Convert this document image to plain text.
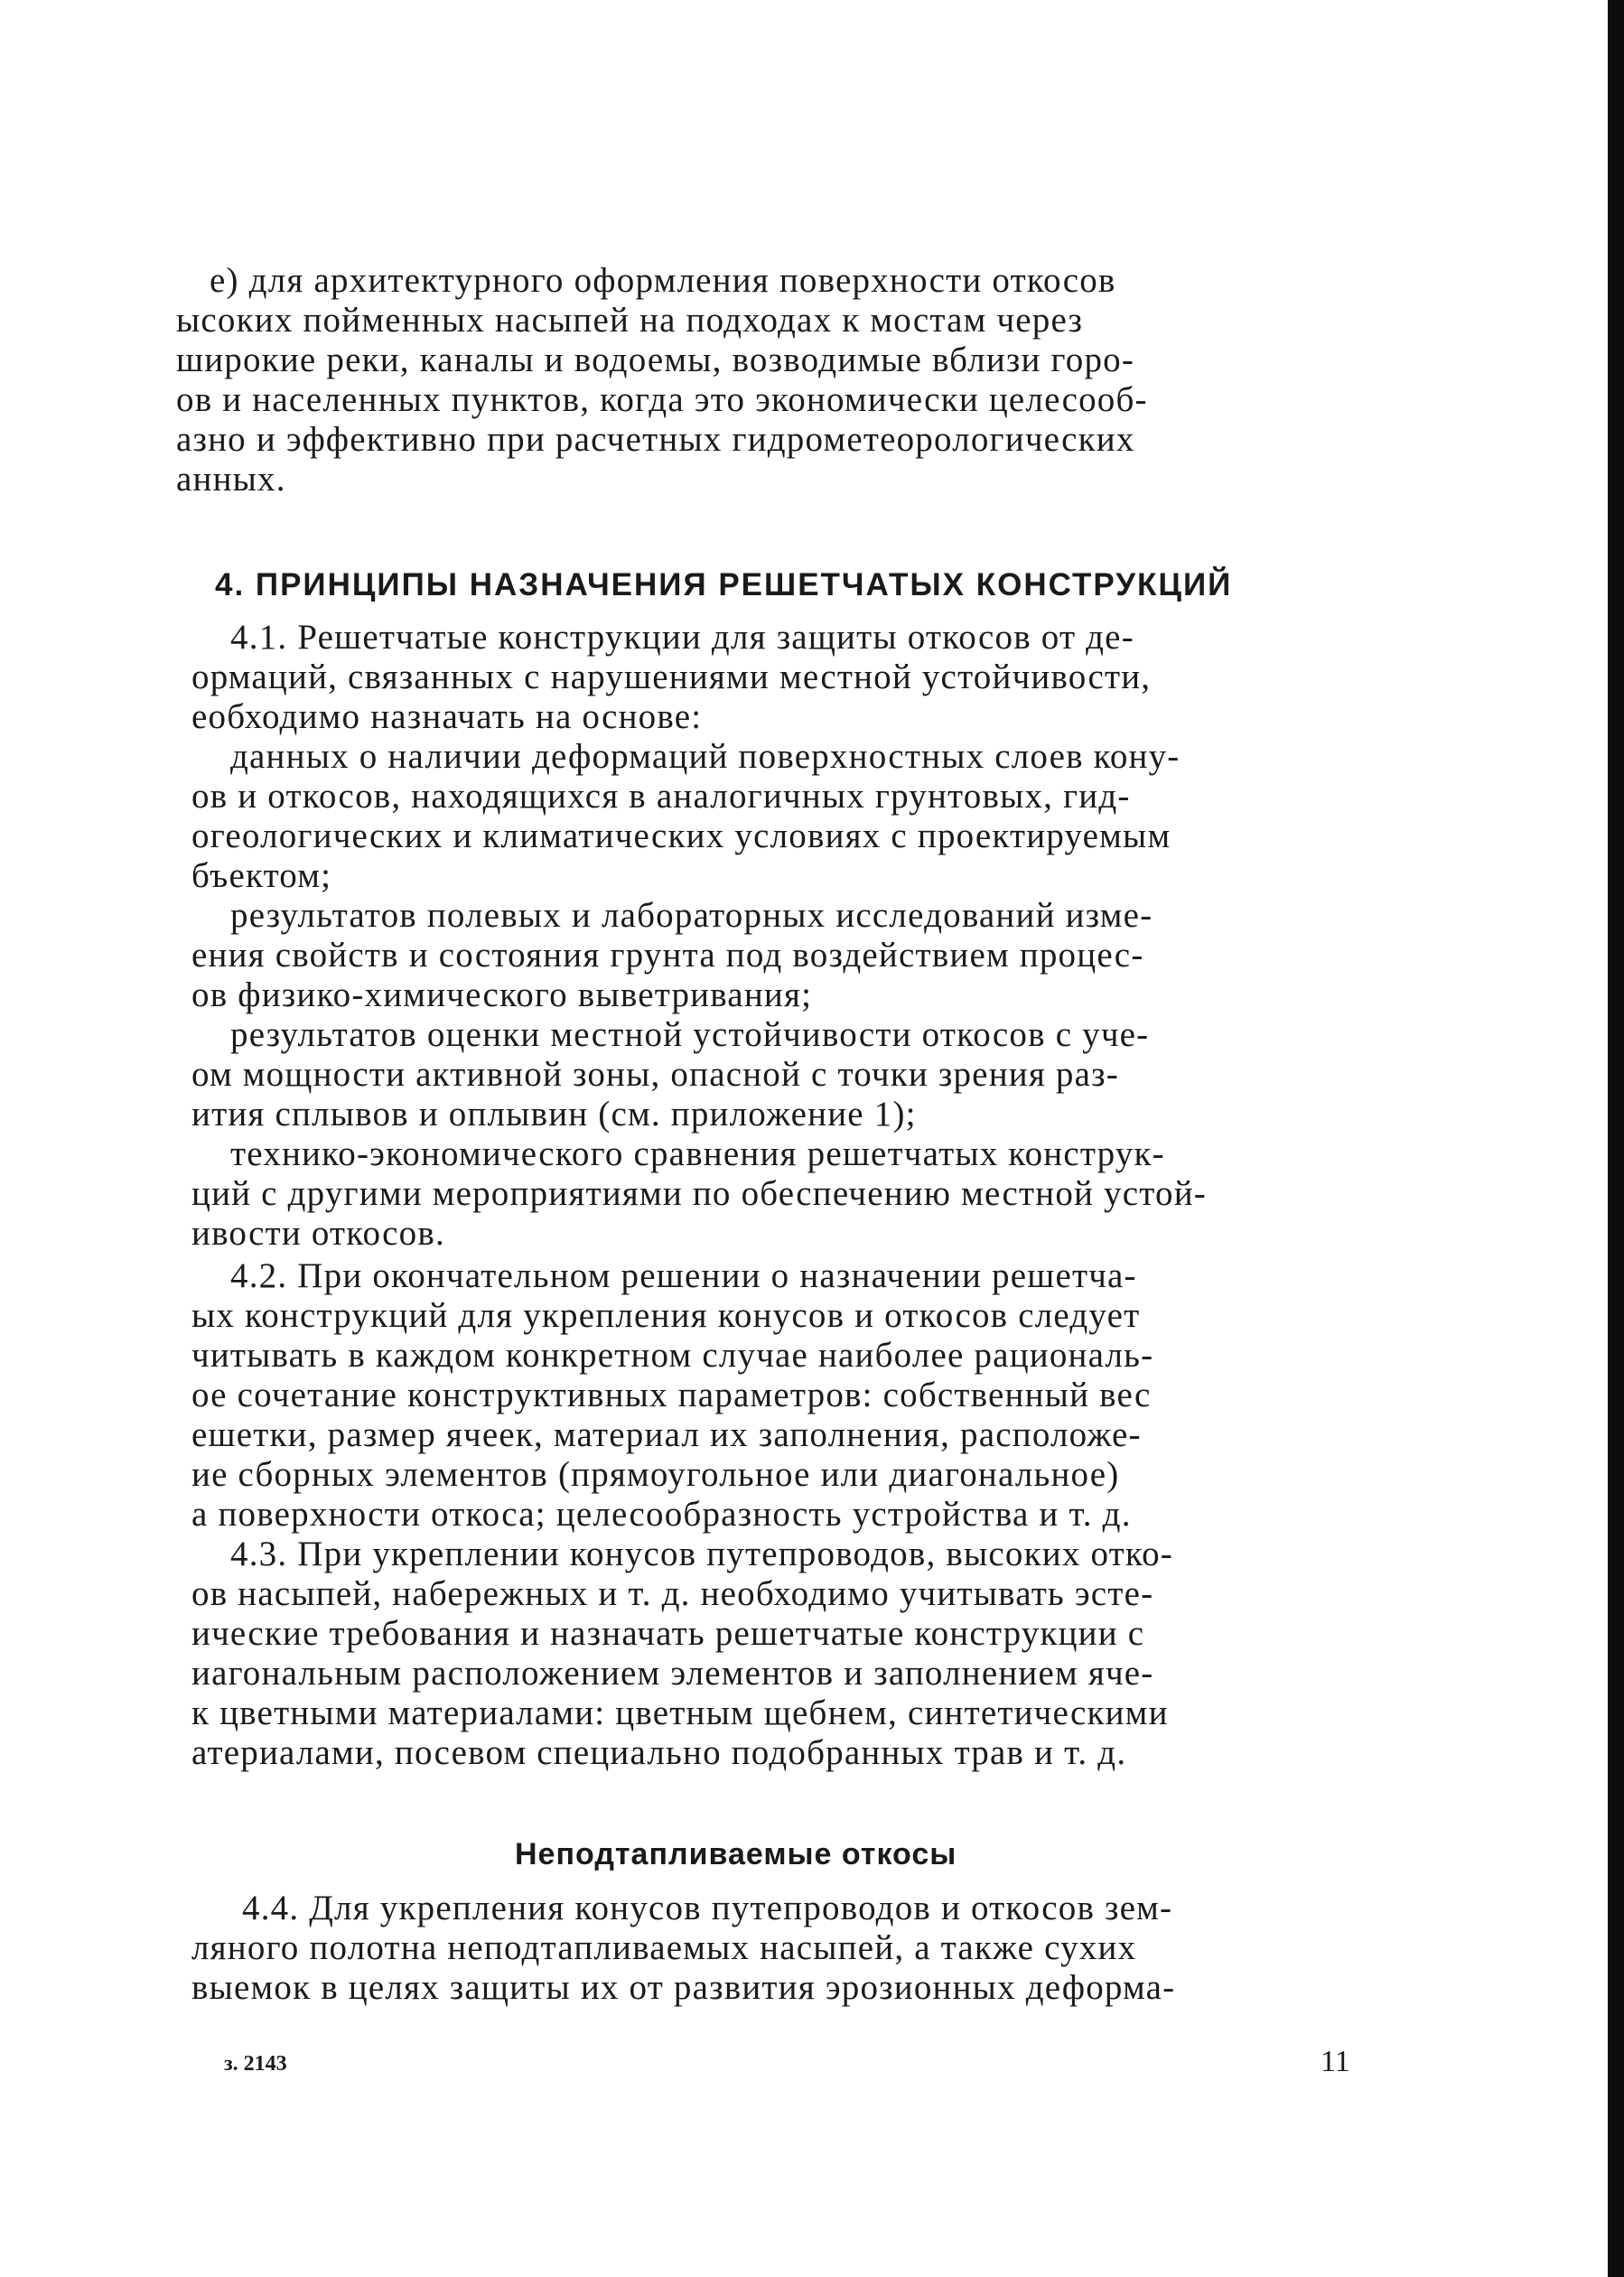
е) для архитектурного оформления поверхности откосов
ысоких пойменных насыпей на подходах к мостам через
широкие реки, каналы и водоемы, возводимые вблизи горо-
ов и населенных пунктов, когда это экономически целесооб-
азно и эффективно при расчетных гидрометеорологических
анных.
4. ПРИНЦИПЫ НАЗНАЧЕНИЯ РЕШЕТЧАТЫХ КОНСТРУКЦИЙ
4.1. Решетчатые конструкции для защиты откосов от де-
ормаций, связанных с нарушениями местной устойчивости,
еобходимо назначать на основе:
данных о наличии деформаций поверхностных слоев кону-
ов и откосов, находящихся в аналогичных грунтовых, гид-
огеологических и климатических условиях с проектируемым
бъектом;
результатов полевых и лабораторных исследований изме-
ения свойств и состояния грунта под воздействием процес-
ов физико-химического выветривания;
результатов оценки местной устойчивости откосов с уче-
ом мощности активной зоны, опасной с точки зрения раз-
ития сплывов и оплывин (см. приложение 1);
технико-экономического сравнения решетчатых конструк-
ций с другими мероприятиями по обеспечению местной устой-
ивости откосов.
4.2. При окончательном решении о назначении решетча-
ых конструкций для укрепления конусов и откосов следует
читывать в каждом конкретном случае наиболее рациональ-
ое сочетание конструктивных параметров: собственный вес
ешетки, размер ячеек, материал их заполнения, расположе-
ие сборных элементов (прямоугольное или диагональное)
а поверхности откоса; целесообразность устройства и т. д.
4.3. При укреплении конусов путепроводов, высоких отко-
ов насыпей, набережных и т. д. необходимо учитывать эсте-
ические требования и назначать решетчатые конструкции с
иагональным расположением элементов и заполнением яче-
к цветными материалами: цветным щебнем, синтетическими
атериалами, посевом специально подобранных трав и т. д.
Неподтапливаемые откосы
4.4. Для укрепления конусов путепроводов и откосов зем-
ляного полотна неподтапливаемых насыпей, а также сухих
выемок в целях защиты их от развития эрозионных деформа-
з. 2143	11
